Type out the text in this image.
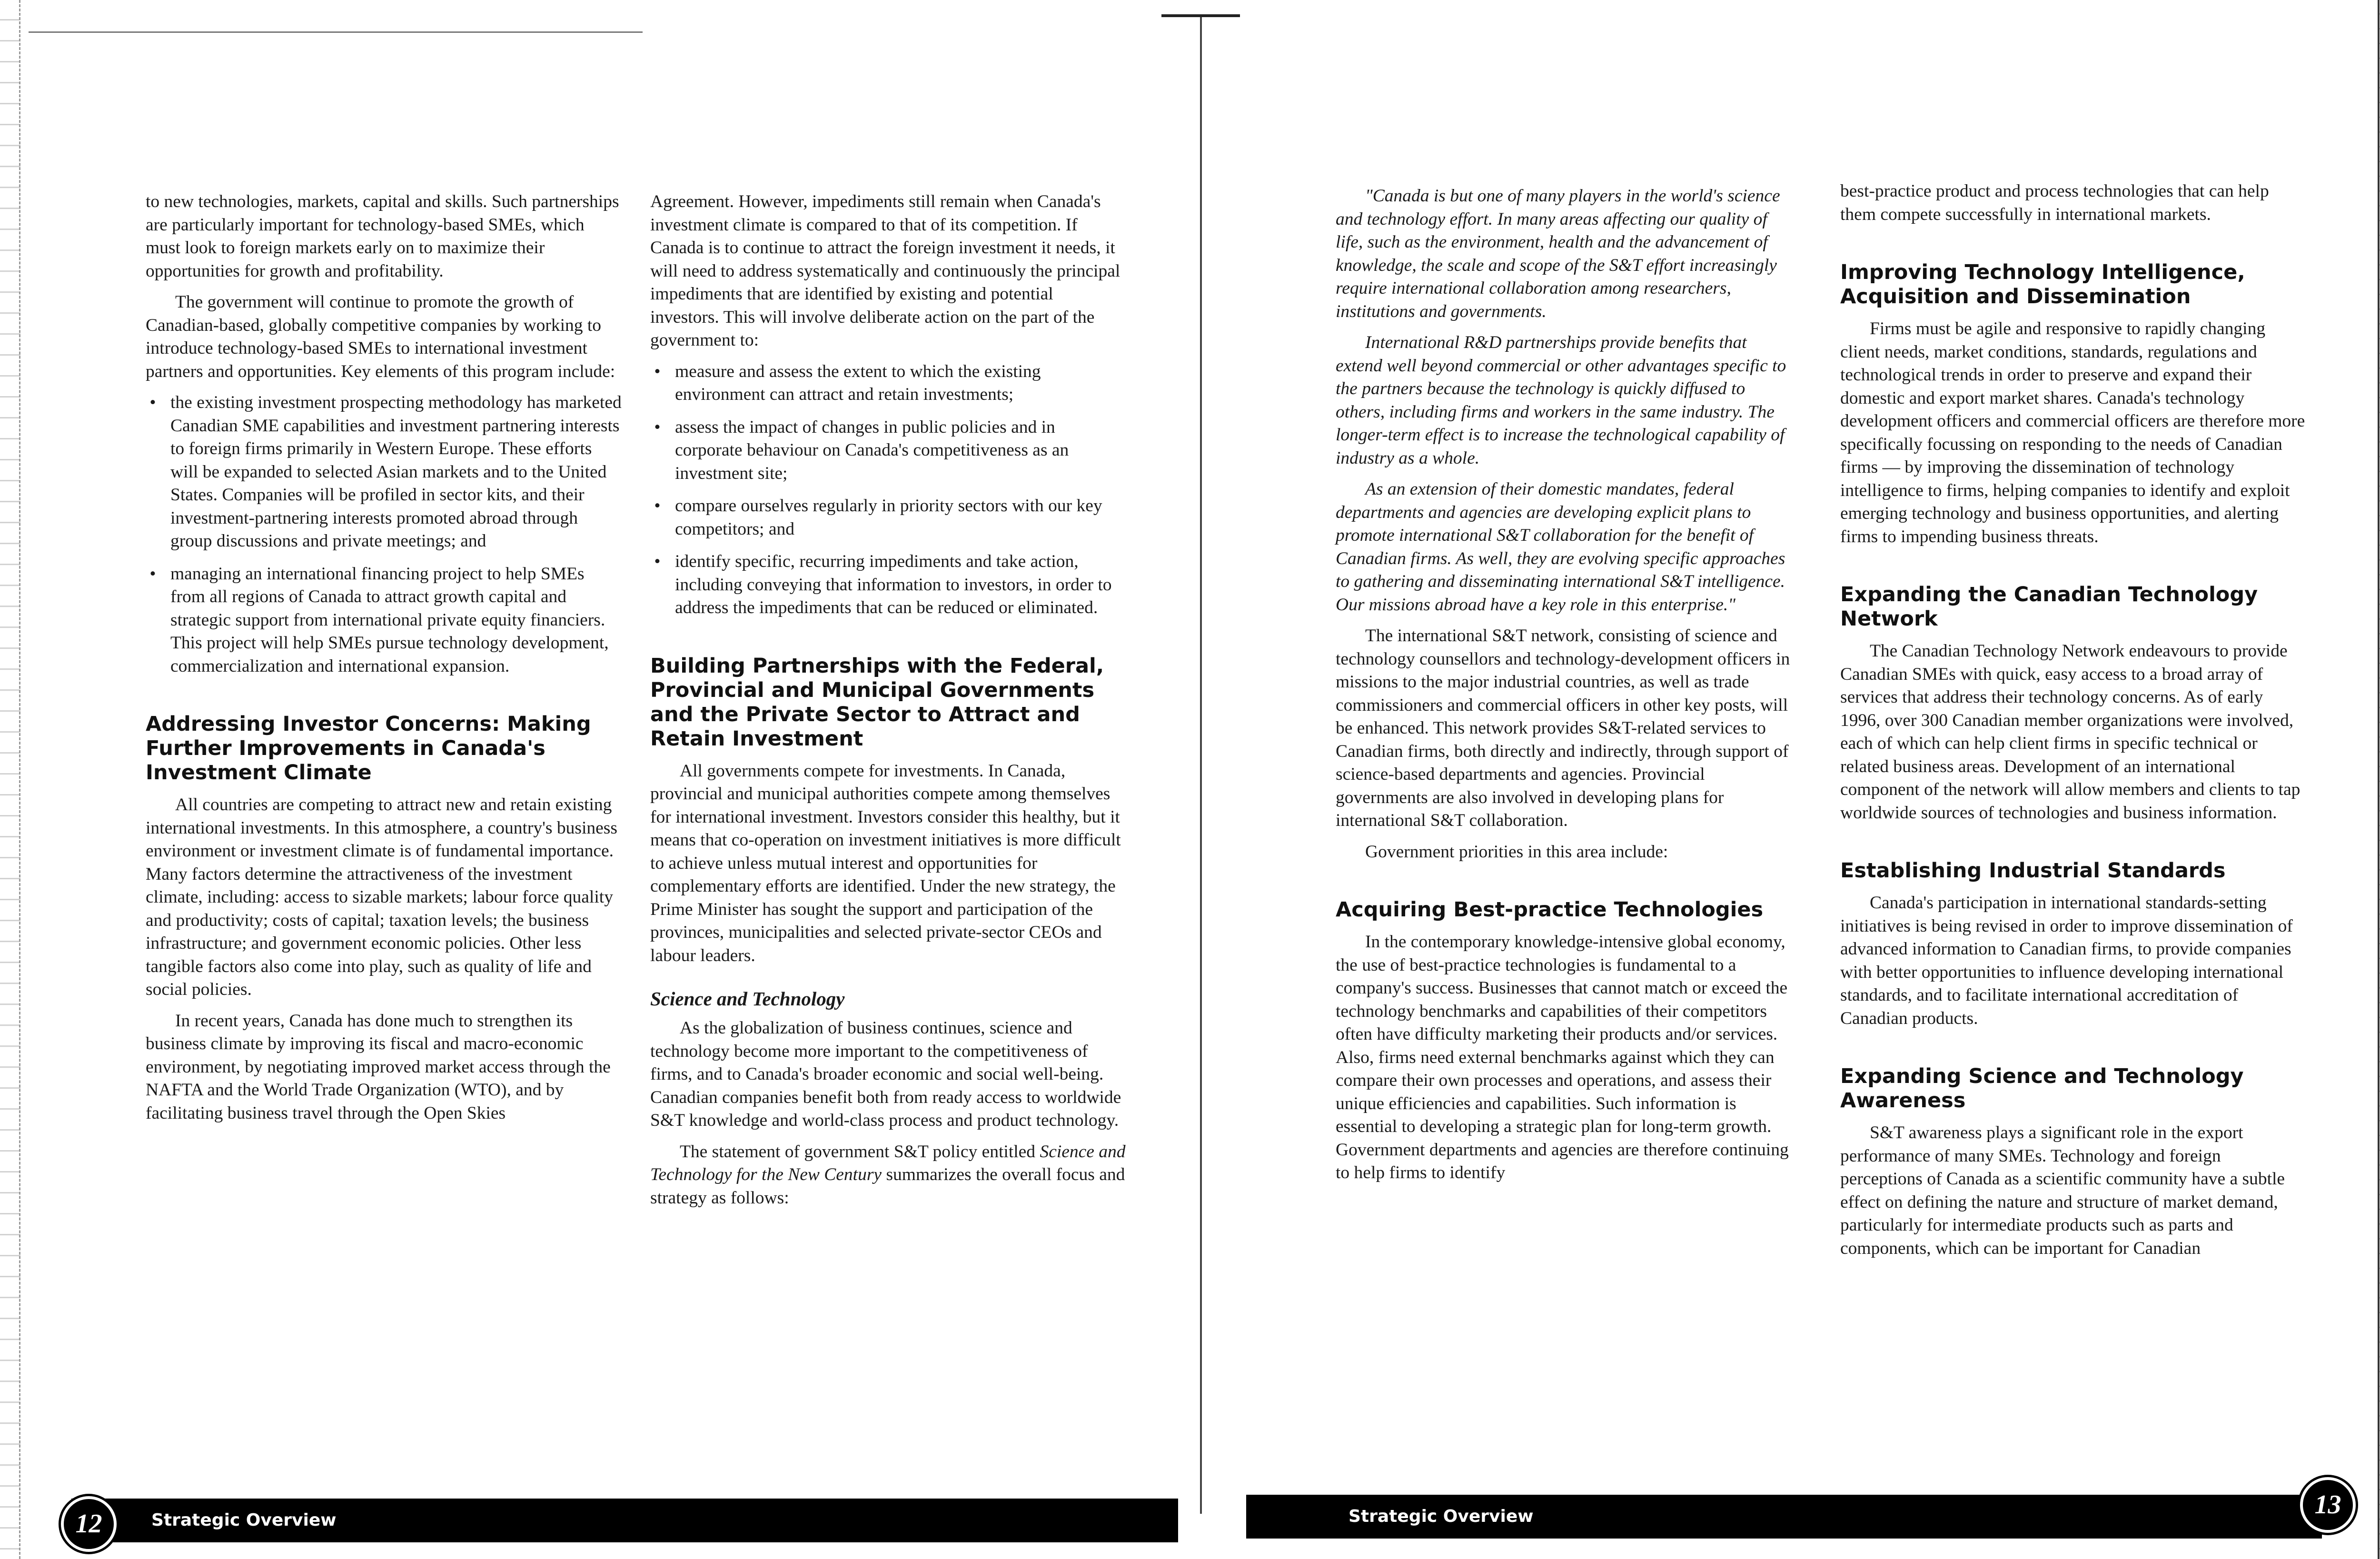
to new technologies, markets, capital and skills. Such partnerships are particularly important for technology-based SMEs, which must look to foreign markets early on to maximize their opportunities for growth and profitability.

The government will continue to promote the growth of Canadian-based, globally competitive companies by working to introduce technology-based SMEs to international investment partners and opportunities. Key elements of this program include:

• the existing investment prospecting methodology has marketed Canadian SME capabilities and investment partnering interests to foreign firms primarily in Western Europe. These efforts will be expanded to selected Asian markets and to the United States. Companies will be profiled in sector kits, and their investment-partnering interests promoted abroad through group discussions and private meetings; and
• managing an international financing project to help SMEs from all regions of Canada to attract growth capital and strategic support from international private equity financiers. This project will help SMEs pursue technology development, commercialization and international expansion.
Addressing Investor Concerns: Making Further Improvements in Canada's Investment Climate

All countries are competing to attract new and retain existing international investments. In this atmosphere, a country's business environment or investment climate is of fundamental importance. Many factors determine the attractiveness of the investment climate, including: access to sizable markets; labour force quality and productivity; costs of capital; taxation levels; the business infrastructure; and government economic policies. Other less tangible factors also come into play, such as quality of life and social policies.

In recent years, Canada has done much to strengthen its business climate by improving its fiscal and macro-economic environment, by negotiating improved market access through the NAFTA and the World Trade Organization (WTO), and by facilitating business travel through the Open Skies

Agreement. However, impediments still remain when Canada's investment climate is compared to that of its competition. If Canada is to continue to attract the foreign investment it needs, it will need to address systematically and continuously the principal impediments that are identified by existing and potential investors. This will involve deliberate action on the part of the government to:

• measure and assess the extent to which the existing environment can attract and retain investments;
• assess the impact of changes in public policies and in corporate behaviour on Canada's competitiveness as an investment site;
• compare ourselves regularly in priority sectors with our key competitors; and
• identify specific, recurring impediments and take action, including conveying that information to investors, in order to address the impediments that can be reduced or eliminated.
Building Partnerships with the Federal, Provincial and Municipal Governments and the Private Sector to Attract and Retain Investment

All governments compete for investments. In Canada, provincial and municipal authorities compete among themselves for international investment. Investors consider this healthy, but it means that co-operation on investment initiatives is more difficult to achieve unless mutual interest and opportunities for complementary efforts are identified. Under the new strategy, the Prime Minister has sought the support and participation of the provinces, municipalities and selected private-sector CEOs and labour leaders.

Science and Technology

As the globalization of business continues, science and technology become more important to the competitiveness of firms, and to Canada's broader economic and social well-being. Canadian companies benefit both from ready access to worldwide S&T knowledge and world-class process and product technology.

The statement of government S&T policy entitled Science and Technology for the New Century summarizes the overall focus and strategy as follows:

Strategic Overview
12

"Canada is but one of many players in the world's science and technology effort. In many areas affecting our quality of life, such as the environment, health and the advancement of knowledge, the scale and scope of the S&T effort increasingly require international collaboration among researchers, institutions and governments.

International R&D partnerships provide benefits that extend well beyond commercial or other advantages specific to the partners because the technology is quickly diffused to others, including firms and workers in the same industry. The longer-term effect is to increase the technological capability of industry as a whole.

As an extension of their domestic mandates, federal departments and agencies are developing explicit plans to promote international S&T collaboration for the benefit of Canadian firms. As well, they are evolving specific approaches to gathering and disseminating international S&T intelligence. Our missions abroad have a key role in this enterprise."

The international S&T network, consisting of science and technology counsellors and technology-development officers in missions to the major industrial countries, as well as trade commissioners and commercial officers in other key posts, will be enhanced. This network provides S&T-related services to Canadian firms, both directly and indirectly, through support of science-based departments and agencies. Provincial governments are also involved in developing plans for international S&T collaboration.

Government priorities in this area include:

Acquiring Best-practice Technologies

In the contemporary knowledge-intensive global economy, the use of best-practice technologies is fundamental to a company's success. Businesses that cannot match or exceed the technology benchmarks and capabilities of their competitors often have difficulty marketing their products and/or services. Also, firms need external benchmarks against which they can compare their own processes and operations, and assess their unique efficiencies and capabilities. Such information is essential to developing a strategic plan for long-term growth. Government departments and agencies are therefore continuing to help firms to identify

best-practice product and process technologies that can help them compete successfully in international markets.

Improving Technology Intelligence, Acquisition and Dissemination

Firms must be agile and responsive to rapidly changing client needs, market conditions, standards, regulations and technological trends in order to preserve and expand their domestic and export market shares. Canada's technology development officers and commercial officers are therefore more specifically focussing on responding to the needs of Canadian firms — by improving the dissemination of technology intelligence to firms, helping companies to identify and exploit emerging technology and business opportunities, and alerting firms to impending business threats.

Expanding the Canadian Technology Network

The Canadian Technology Network endeavours to provide Canadian SMEs with quick, easy access to a broad array of services that address their technology concerns. As of early 1996, over 300 Canadian member organizations were involved, each of which can help client firms in specific technical or related business areas. Development of an international component of the network will allow members and clients to tap worldwide sources of technologies and business information.

Establishing Industrial Standards

Canada's participation in international standards-setting initiatives is being revised in order to improve dissemination of advanced information to Canadian firms, to provide companies with better opportunities to influence developing international standards, and to facilitate international accreditation of Canadian products.

Expanding Science and Technology Awareness

S&T awareness plays a significant role in the export performance of many SMEs. Technology and foreign perceptions of Canada as a scientific community have a subtle effect on defining the nature and structure of market demand, particularly for intermediate products such as parts and components, which can be important for Canadian

Strategic Overview	13
